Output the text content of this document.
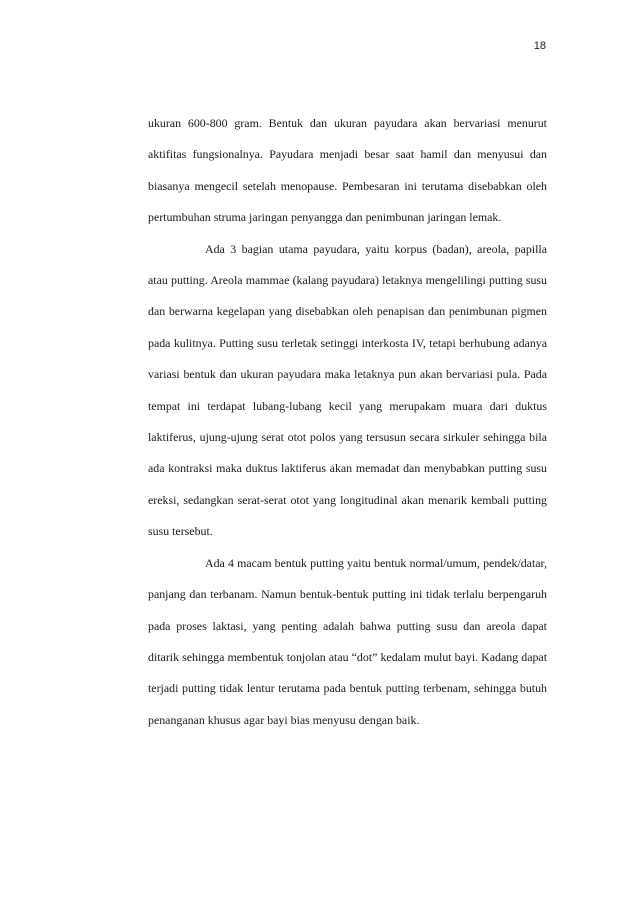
18

ukuran 600-800 gram. Bentuk dan ukuran payudara akan bervariasi menurut aktifitas fungsionalnya. Payudara menjadi besar saat hamil dan menyusui dan biasanya mengecil setelah menopause. Pembesaran ini terutama disebabkan oleh pertumbuhan struma jaringan penyangga dan penimbunan jaringan lemak.

Ada 3 bagian utama payudara, yaitu korpus (badan), areola, papilla atau putting. Areola mammae (kalang payudara) letaknya mengelilingi putting susu dan berwarna kegelapan yang disebabkan oleh penapisan dan penimbunan pigmen pada kulitnya. Putting susu terletak setinggi interkosta IV, tetapi berhubung adanya variasi bentuk dan ukuran payudara maka letaknya pun akan bervariasi pula. Pada tempat ini terdapat lubang-lubang kecil yang merupakam muara dari duktus laktiferus, ujung-ujung serat otot polos yang tersusun secara sirkuler sehingga bila ada kontraksi maka duktus laktiferus akan memadat dan menybabkan putting susu ereksi, sedangkan serat-serat otot yang longitudinal akan menarik kembali putting susu tersebut.

Ada 4 macam bentuk putting yaitu bentuk normal/umum, pendek/datar, panjang dan terbanam. Namun bentuk-bentuk putting ini tidak terlalu berpengaruh pada proses laktasi, yang penting adalah bahwa putting susu dan areola dapat ditarik sehingga membentuk tonjolan atau “dot” kedalam mulut bayi. Kadang dapat terjadi putting tidak lentur terutama pada bentuk putting terbenam, sehingga butuh penanganan khusus agar bayi bias menyusu dengan baik.
